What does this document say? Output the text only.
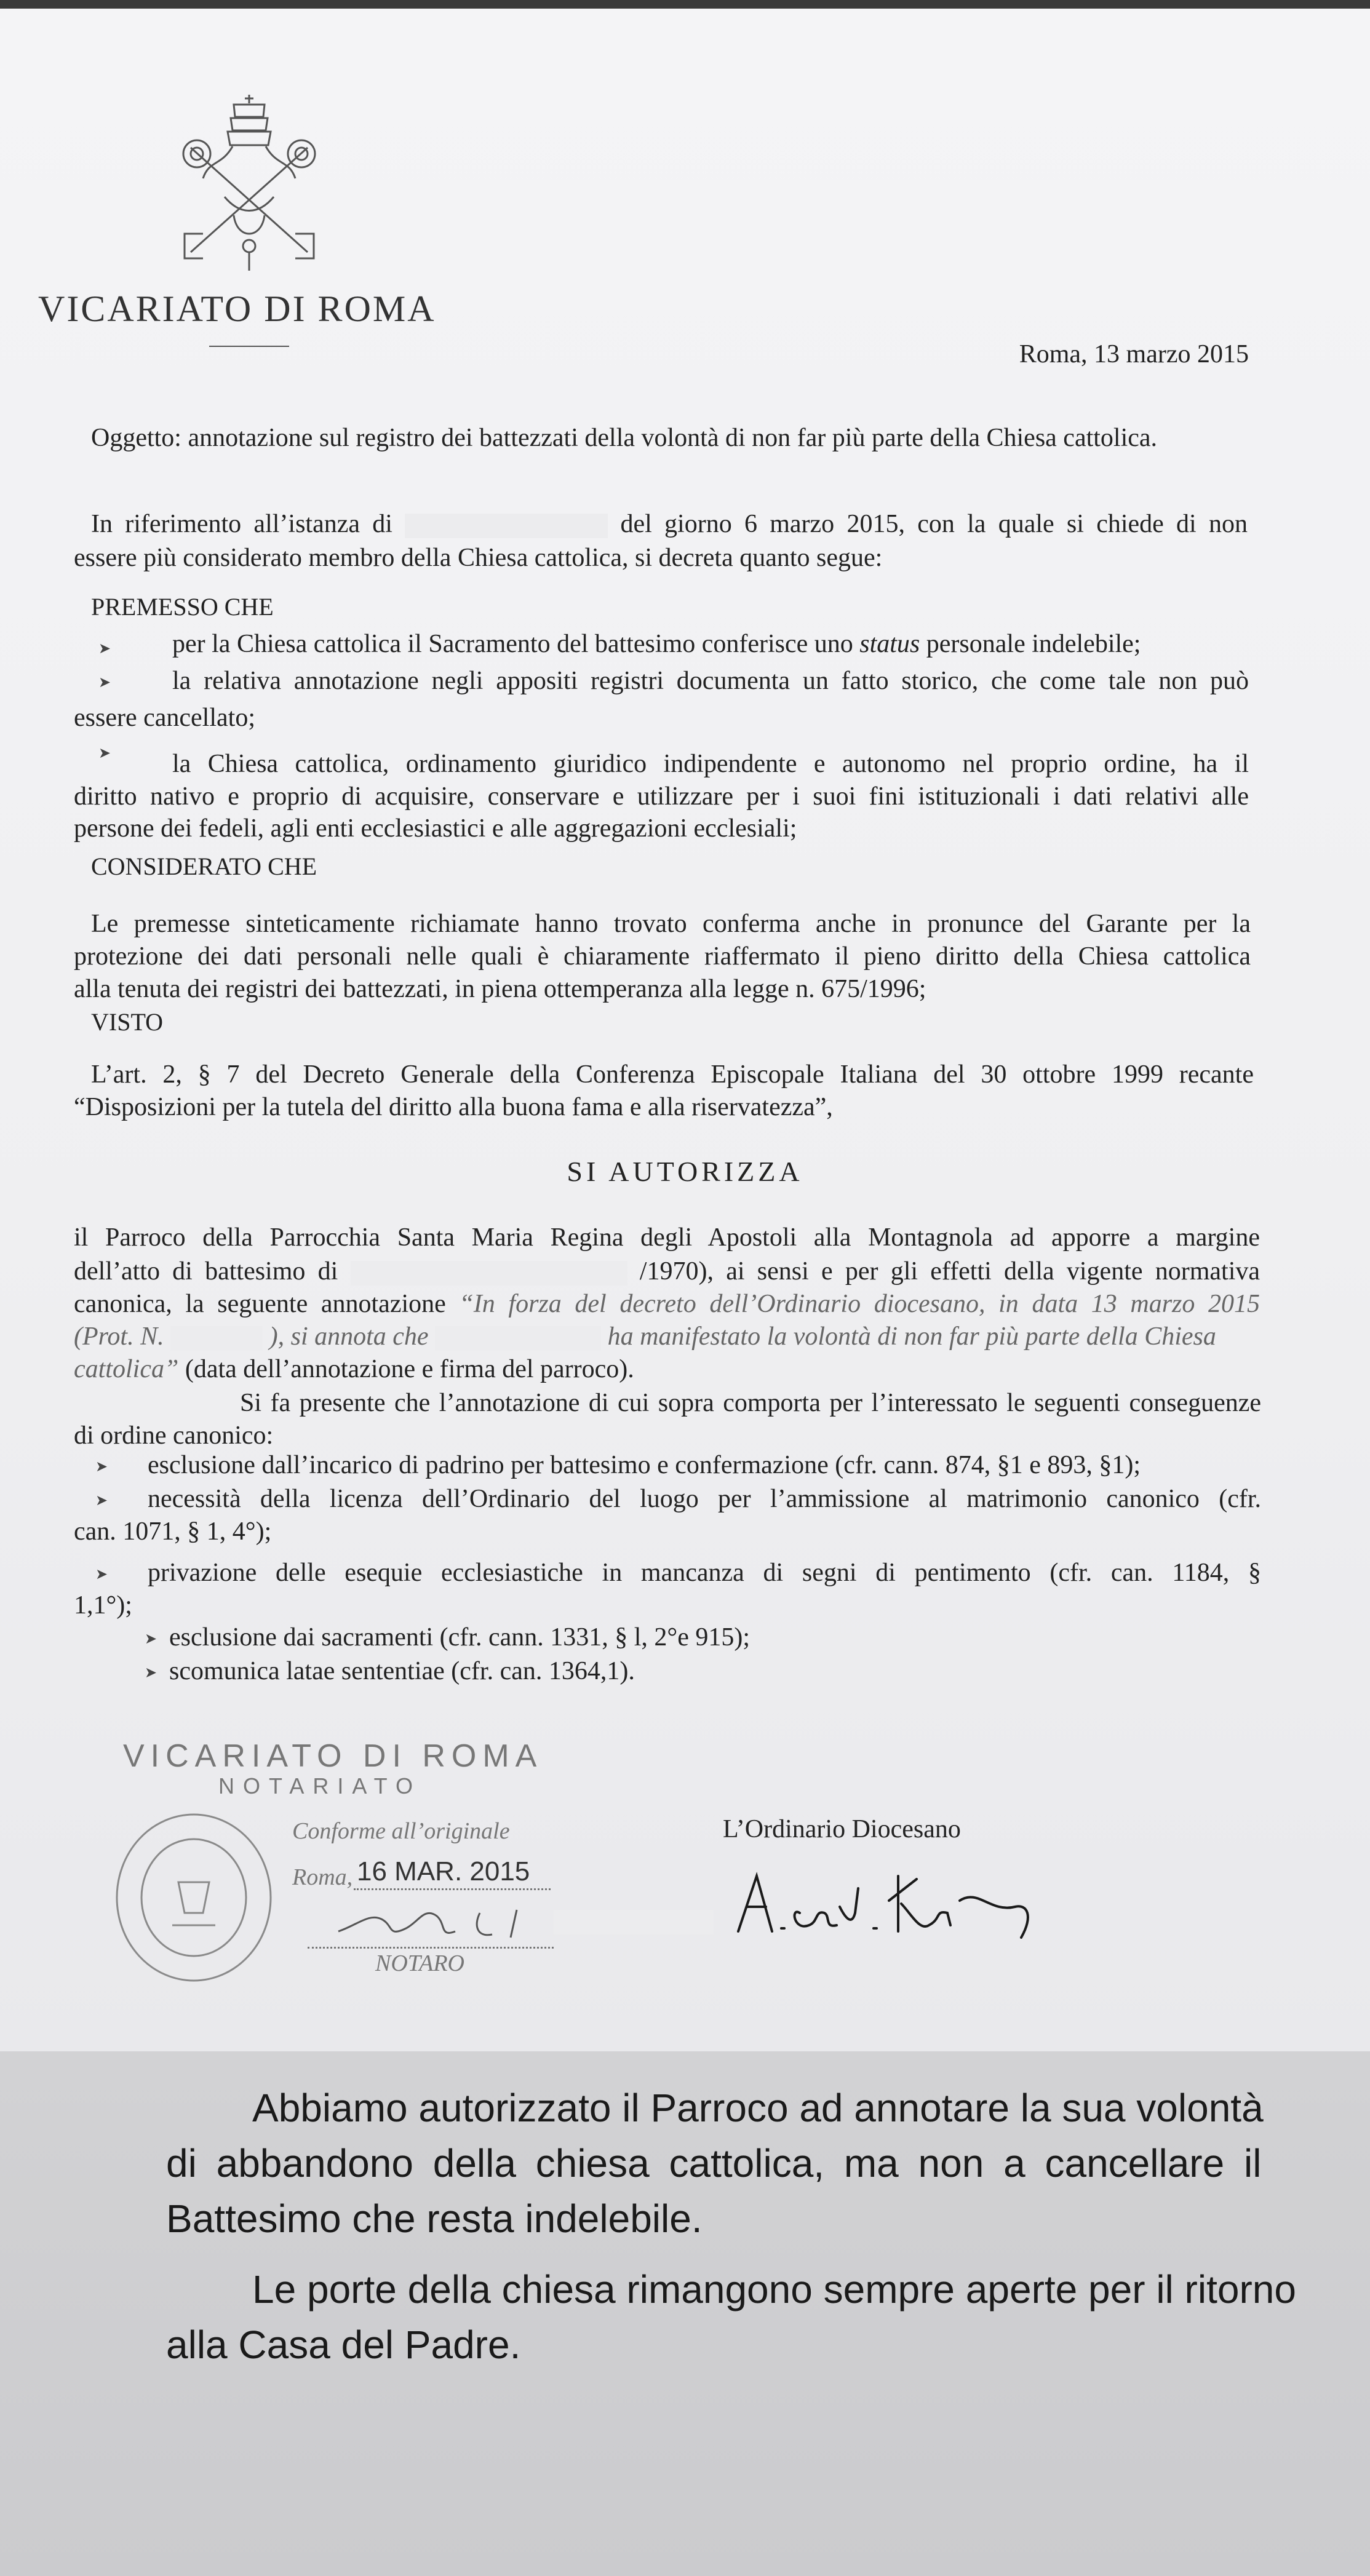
VICARIATO DI ROMA
Roma, 13 marzo 2015
Oggetto: annotazione sul registro dei battezzati della volontà di non far più parte della Chiesa cattolica.
In riferimento all’istanza di	del giorno 6 marzo 2015, con la quale si chiede di non
essere più considerato membro della Chiesa cattolica, si decreta quanto segue:
PREMESSO CHE
➤ per la Chiesa cattolica il Sacramento del battesimo conferisce uno status personale indelebile;
➤ la relativa annotazione negli appositi registri documenta un fatto storico, che come tale non può
essere cancellato;
➤ la Chiesa cattolica, ordinamento giuridico indipendente e autonomo nel proprio ordine, ha il
diritto nativo e proprio di acquisire, conservare e utilizzare per i suoi fini istituzionali i dati relativi alle
persone dei fedeli, agli enti ecclesiastici e alle aggregazioni ecclesiali;
CONSIDERATO CHE
Le premesse sinteticamente richiamate hanno trovato conferma anche in pronunce del Garante per la
protezione dei dati personali nelle quali è chiaramente riaffermato il pieno diritto della Chiesa cattolica
alla tenuta dei registri dei battezzati, in piena ottemperanza alla legge n. 675/1996;
VISTO
L’art. 2, § 7 del Decreto Generale della Conferenza Episcopale Italiana del 30 ottobre 1999 recante
“Disposizioni per la tutela del diritto alla buona fama e alla riservatezza”,
SI AUTORIZZA
il Parroco della Parrocchia Santa Maria Regina degli Apostoli alla Montagnola ad apporre a margine
dell’atto di battesimo di	/1970), ai sensi e per gli effetti della vigente normativa
canonica, la seguente annotazione “In forza del decreto dell’Ordinario diocesano, in data 13 marzo 2015
(Prot. N.	), si annota che	ha manifestato la volontà di non far più parte della Chiesa
cattolica” (data dell’annotazione e firma del parroco).
Si fa presente che l’annotazione di cui sopra comporta per l’interessato le seguenti conseguenze
di ordine canonico:
➤ esclusione dall’incarico di padrino per battesimo e confermazione (cfr. cann. 874, §1 e 893, §1);
➤ necessità della licenza dell’Ordinario del luogo per l’ammissione al matrimonio canonico (cfr.
can. 1071, § 1, 4°);
➤ privazione delle esequie ecclesiastiche in mancanza di segni di pentimento (cfr. can. 1184, §
1,1°);
➤ esclusione dai sacramenti (cfr. cann. 1331, § l, 2°e 915);
➤ scomunica latae sententiae (cfr. can. 1364,1).
VICARIATO DI ROMA
NOTARIATO
Conforme all’originale
Roma, 16 MAR. 2015
NOTARO
L’Ordinario Diocesano
Abbiamo autorizzato il Parroco ad annotare la sua volontà
di abbandono della chiesa cattolica, ma non a cancellare il
Battesimo che resta indelebile.
Le porte della chiesa rimangono sempre aperte per il ritorno
alla Casa del Padre.
